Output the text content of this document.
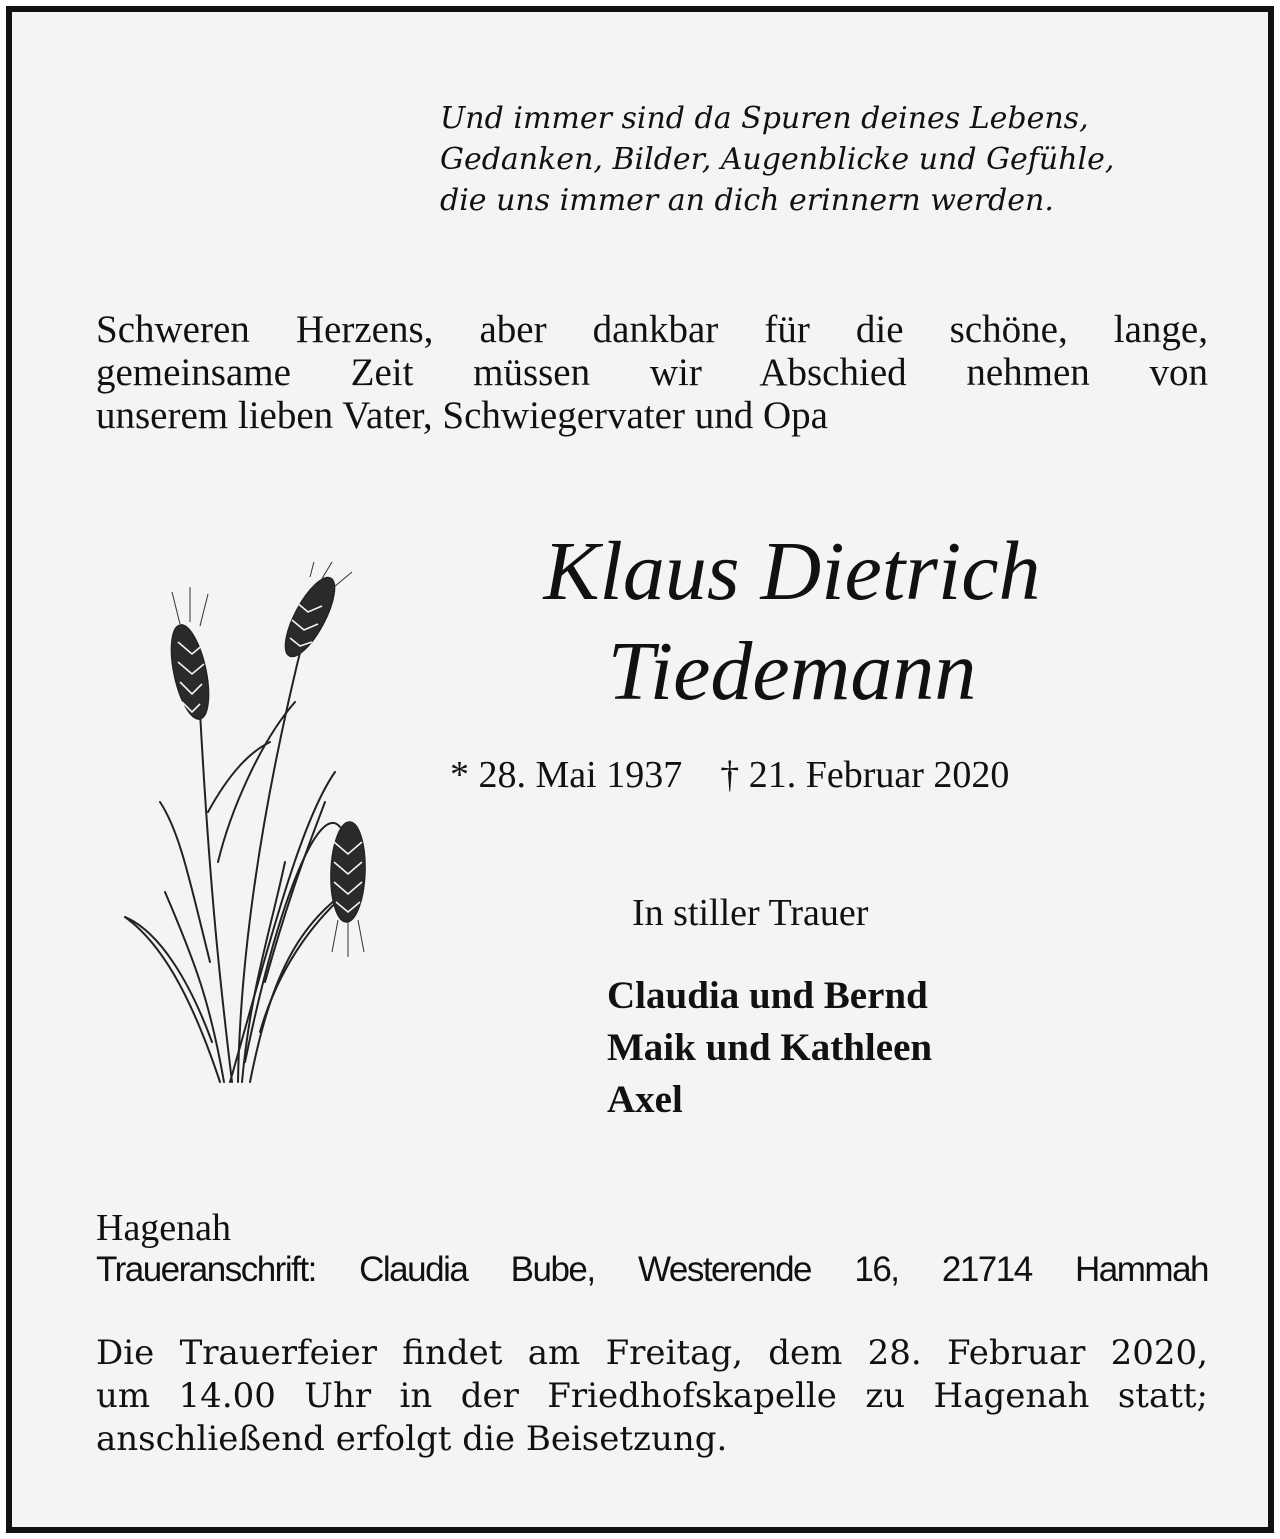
Und immer sind da Spuren deines Lebens,
Gedanken, Bilder, Augenblicke und Gefühle,
die uns immer an dich erinnern werden.
Schweren Herzens, aber dankbar für die schöne, lange,
gemeinsame Zeit müssen wir Abschied nehmen von
unserem lieben Vater, Schwiegervater und Opa
Klaus Dietrich
Tiedemann
* 28. Mai 1937 † 21. Februar 2020
In stiller Trauer
Claudia und Bernd
Maik und Kathleen
Axel
Hagenah
Traueranschrift: Claudia Bube, Westerende 16, 21714 Hammah
Die Trauerfeier findet am Freitag, dem 28. Februar 2020,
um 14.00 Uhr in der Friedhofskapelle zu Hagenah statt;
anschließend erfolgt die Beisetzung.
